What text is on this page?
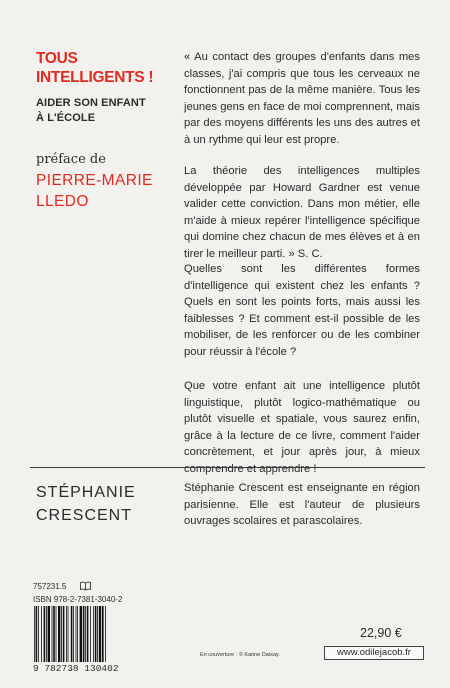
TOUS INTELLIGENTS !
AIDER SON ENFANT À L'ÉCOLE
préface de
PIERRE-MARIE LLEDO

« Au contact des groupes d'enfants dans mes classes, j'ai compris que tous les cerveaux ne fonctionnent pas de la même manière. Tous les jeunes gens en face de moi comprennent, mais par des moyens différents les uns des autres et à un rythme qui leur est propre.

La théorie des intelligences multiples développée par Howard Gardner est venue valider cette conviction. Dans mon métier, elle m'aide à mieux repérer l'intelligence spécifique qui domine chez chacun de mes élèves et à en tirer le meilleur parti. » S. C.

Quelles sont les différentes formes d'intelligence qui existent chez les enfants ? Quels en sont les points forts, mais aussi les faiblesses ? Et comment est-il possible de les mobiliser, de les renforcer ou de les combiner pour réussir à l'école ?

Que votre enfant ait une intelligence plutôt linguistique, plutôt logico-mathématique ou plutôt visuelle et spatiale, vous saurez enfin, grâce à la lecture de ce livre, comment l'aider concrètement, et jour après jour, à mieux comprendre et apprendre !

STÉPHANIE CRESCENT

Stéphanie Crescent est enseignante en région parisienne. Elle est l'auteur de plusieurs ouvrages scolaires et parascolaires.

757231.5
ISBN 978-2-7381-3040-2
9 782738 130402
En couverture : © Karine Daisay.
22,90 €
www.odilejacob.fr
